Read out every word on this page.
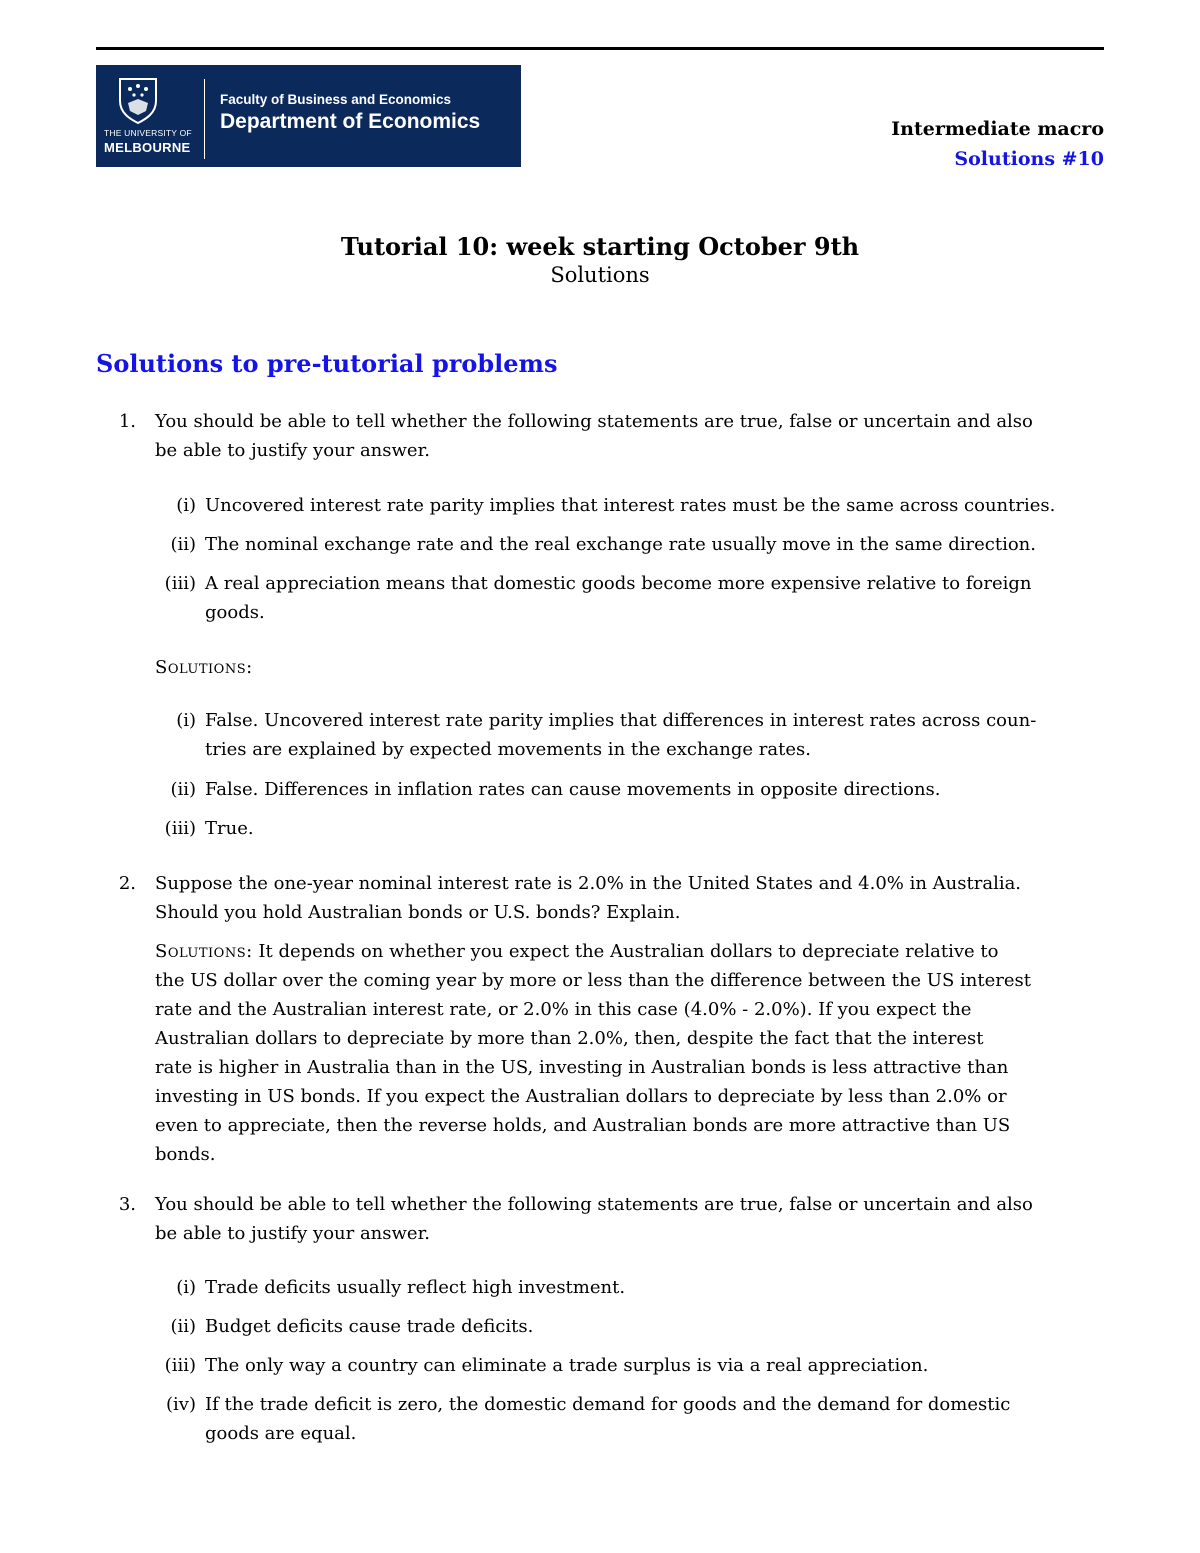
THE UNIVERSITY OF
MELBOURNE
Faculty of Business and Economics
Department of Economics	Intermediate macro
Solutions #10
Tutorial 10: week starting October 9th
Solutions
Solutions to pre-tutorial problems
1. You should be able to tell whether the following statements are true, false or uncertain and also
be able to justify your answer.
(i) Uncovered interest rate parity implies that interest rates must be the same across countries.
(ii) The nominal exchange rate and the real exchange rate usually move in the same direction.
(iii) A real appreciation means that domestic goods become more expensive relative to foreign
goods.
Solutions:
(i) False. Uncovered interest rate parity implies that differences in interest rates across coun-
tries are explained by expected movements in the exchange rates.
(ii) False. Differences in inflation rates can cause movements in opposite directions.
(iii) True.
2. Suppose the one-year nominal interest rate is 2.0% in the United States and 4.0% in Australia.
Should you hold Australian bonds or U.S. bonds? Explain.
Solutions: It depends on whether you expect the Australian dollars to depreciate relative to
the US dollar over the coming year by more or less than the difference between the US interest
rate and the Australian interest rate, or 2.0% in this case (4.0% - 2.0%). If you expect the
Australian dollars to depreciate by more than 2.0%, then, despite the fact that the interest
rate is higher in Australia than in the US, investing in Australian bonds is less attractive than
investing in US bonds. If you expect the Australian dollars to depreciate by less than 2.0% or
even to appreciate, then the reverse holds, and Australian bonds are more attractive than US
bonds.
3. You should be able to tell whether the following statements are true, false or uncertain and also
be able to justify your answer.
(i) Trade deficits usually reflect high investment.
(ii) Budget deficits cause trade deficits.
(iii) The only way a country can eliminate a trade surplus is via a real appreciation.
(iv) If the trade deficit is zero, the domestic demand for goods and the demand for domestic
goods are equal.
